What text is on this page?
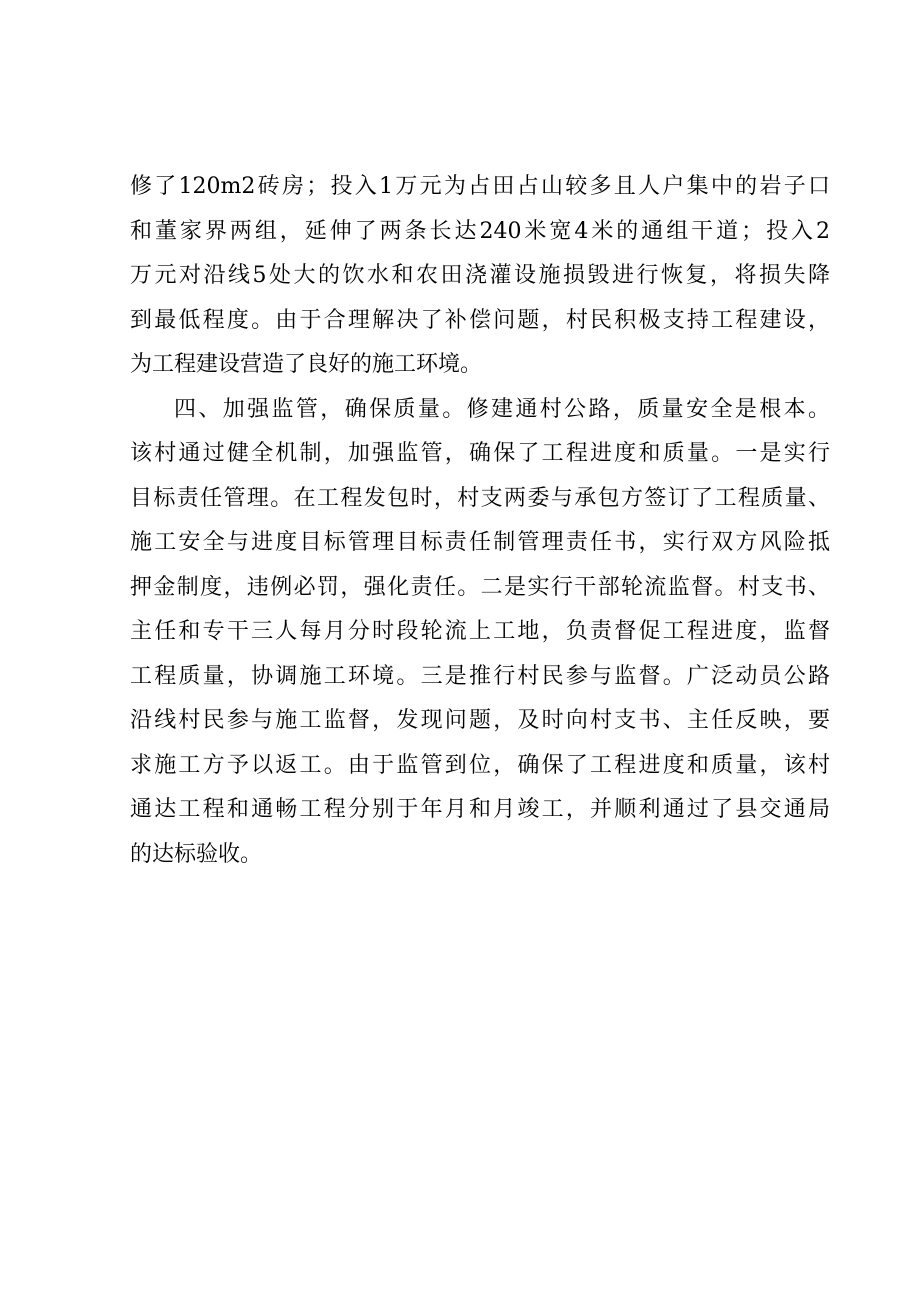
修了120m2砖房；投入1万元为占田占山较多且人户集中的岩子口
和董家界两组，延伸了两条长达240米宽4米的通组干道；投入2
万元对沿线5处大的饮水和农田浇灌设施损毁进行恢复，将损失降
到最低程度。由于合理解决了补偿问题，村民积极支持工程建设，
为工程建设营造了良好的施工环境。
四、加强监管，确保质量。修建通村公路，质量安全是根本。
该村通过健全机制，加强监管，确保了工程进度和质量。一是实行
目标责任管理。在工程发包时，村支两委与承包方签订了工程质量、
施工安全与进度目标管理目标责任制管理责任书，实行双方风险抵
押金制度，违例必罚，强化责任。二是实行干部轮流监督。村支书、
主任和专干三人每月分时段轮流上工地，负责督促工程进度，监督
工程质量，协调施工环境。三是推行村民参与监督。广泛动员公路
沿线村民参与施工监督，发现问题，及时向村支书、主任反映，要
求施工方予以返工。由于监管到位，确保了工程进度和质量，该村
通达工程和通畅工程分别于年月和月竣工，并顺利通过了县交通局
的达标验收。
